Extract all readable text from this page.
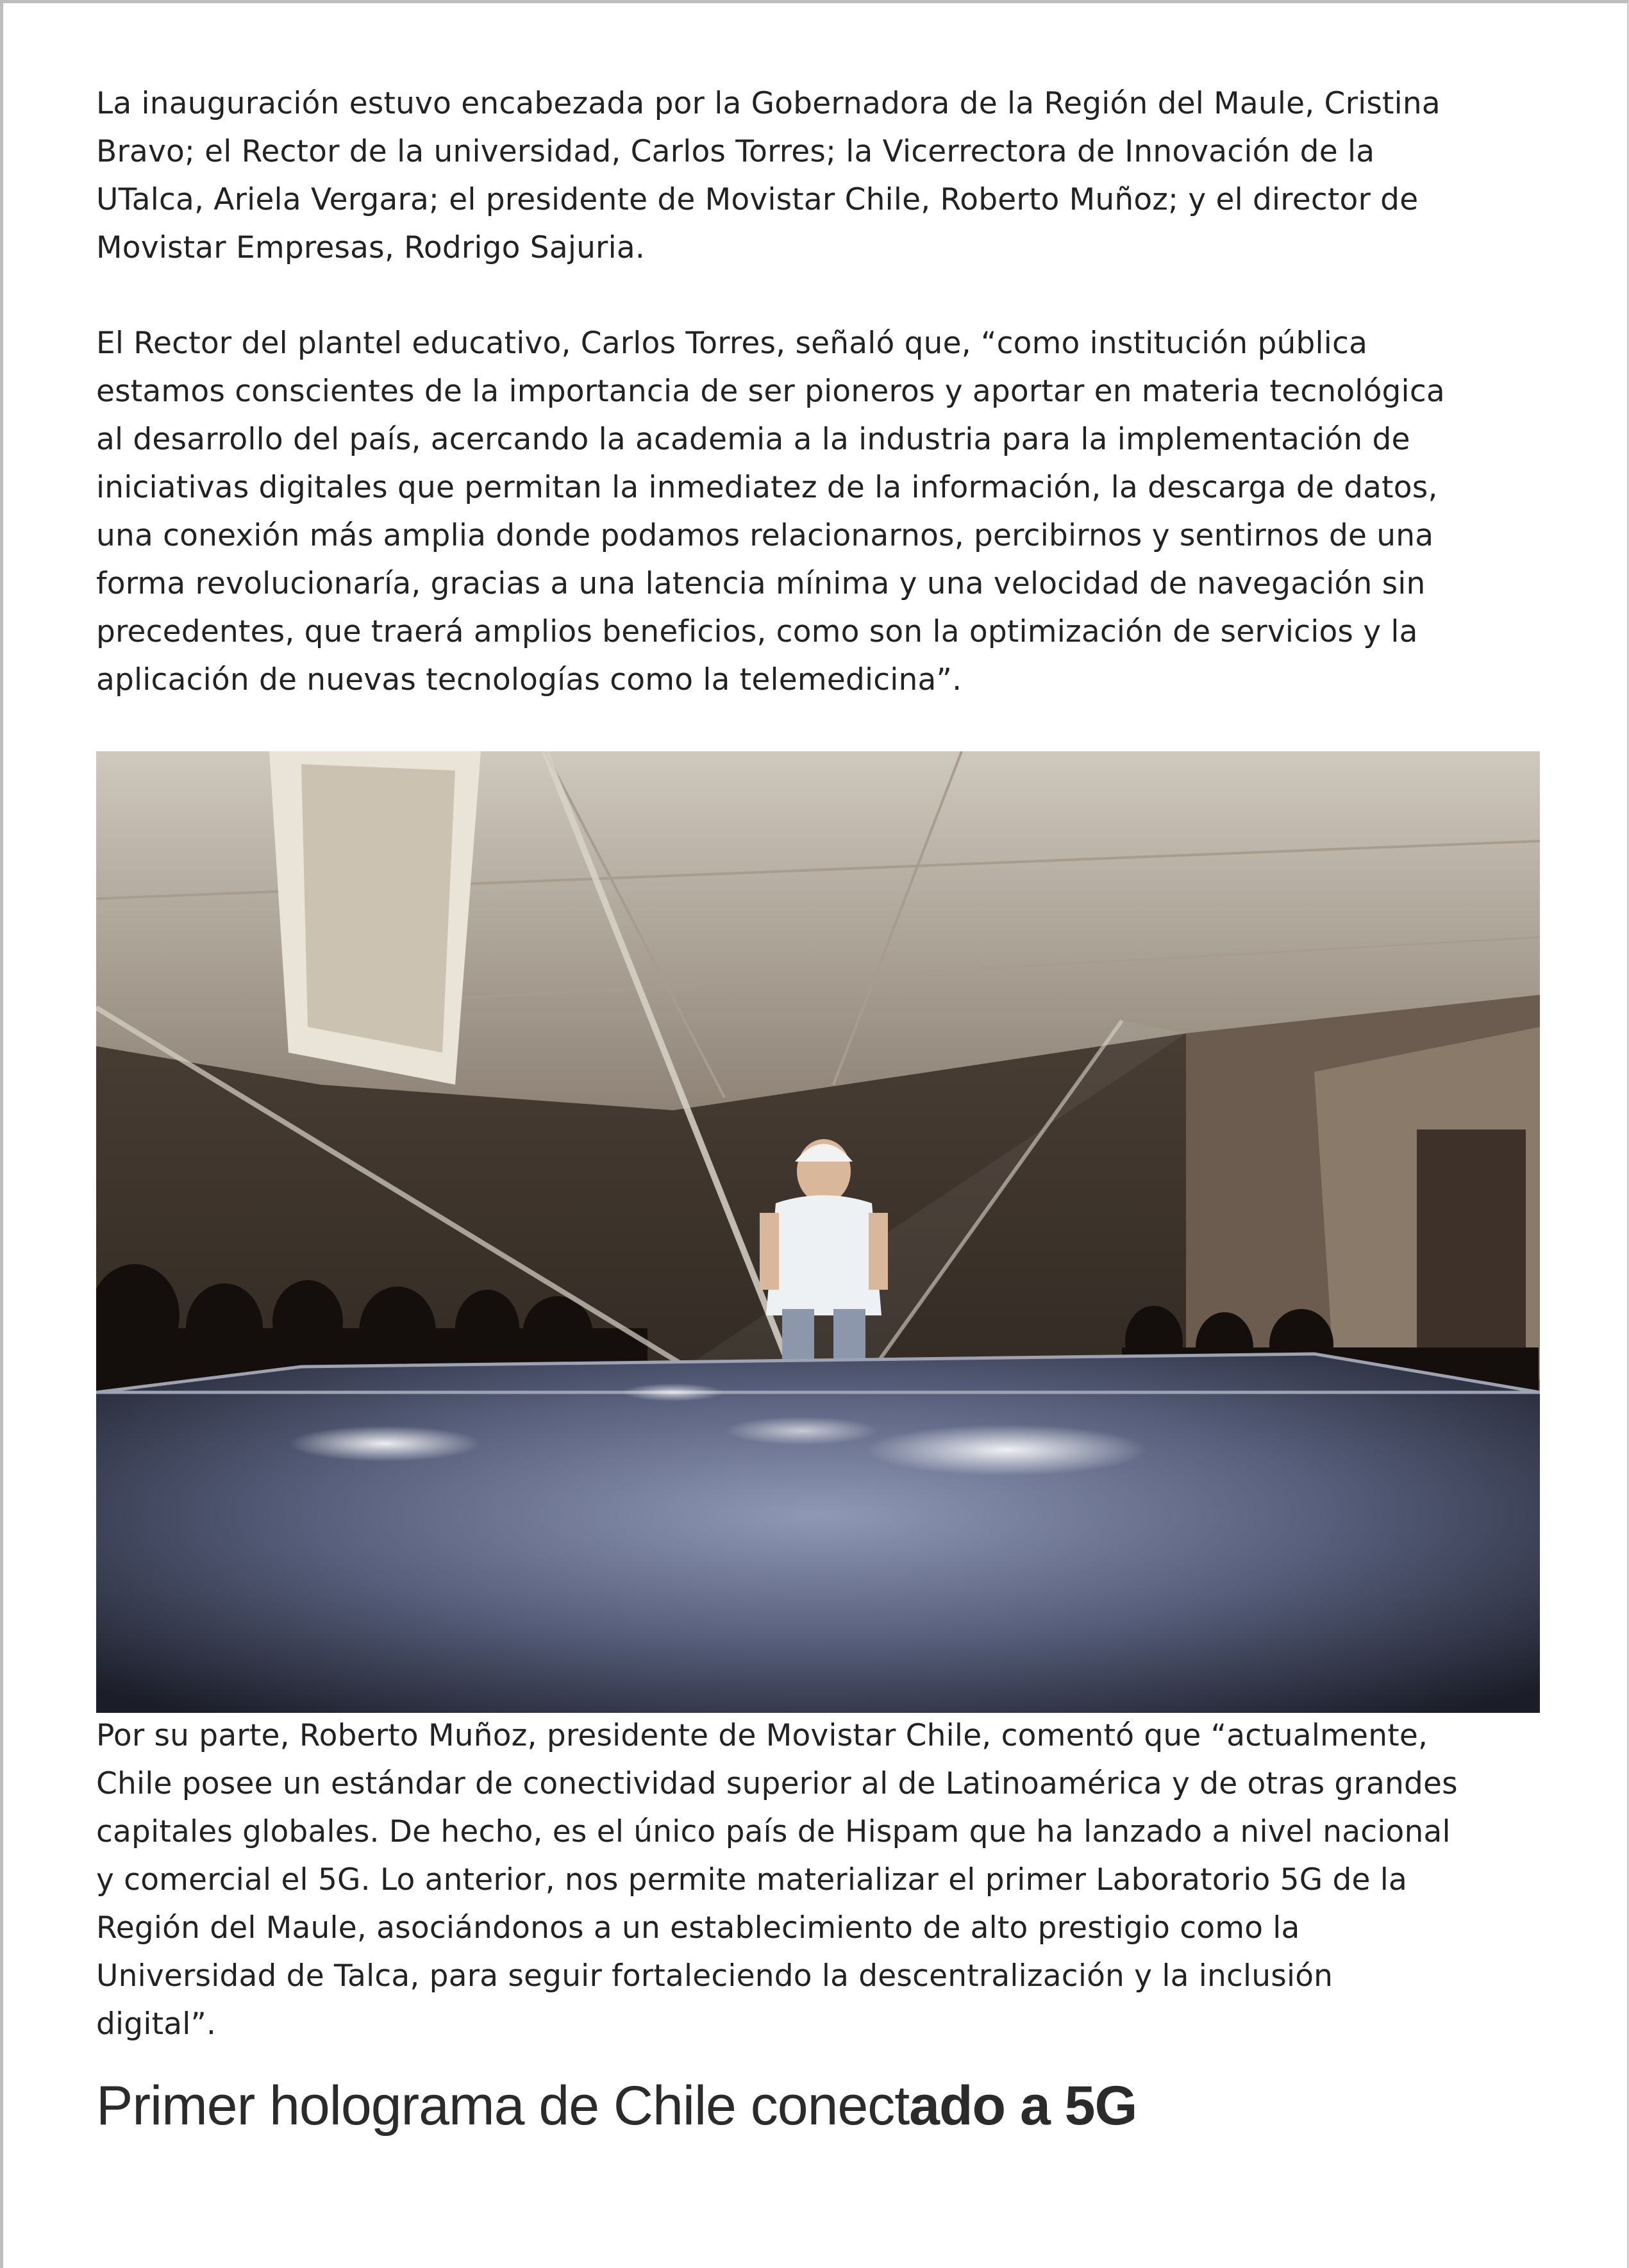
La inauguración estuvo encabezada por la Gobernadora de la Región del Maule, Cristina
Bravo; el Rector de la universidad, Carlos Torres; la Vicerrectora de Innovación de la
UTalca, Ariela Vergara; el presidente de Movistar Chile, Roberto Muñoz; y el director de
Movistar Empresas, Rodrigo Sajuria.
El Rector del plantel educativo, Carlos Torres, señaló que, “como institución pública
estamos conscientes de la importancia de ser pioneros y aportar en materia tecnológica
al desarrollo del país, acercando la academia a la industria para la implementación de
iniciativas digitales que permitan la inmediatez de la información, la descarga de datos,
una conexión más amplia donde podamos relacionarnos, percibirnos y sentirnos de una
forma revolucionaría, gracias a una latencia mínima y una velocidad de navegación sin
precedentes, que traerá amplios beneficios, como son la optimización de servicios y la
aplicación de nuevas tecnologías como la telemedicina”.
Por su parte, Roberto Muñoz, presidente de Movistar Chile, comentó que “actualmente,
Chile posee un estándar de conectividad superior al de Latinoamérica y de otras grandes
capitales globales. De hecho, es el único país de Hispam que ha lanzado a nivel nacional
y comercial el 5G. Lo anterior, nos permite materializar el primer Laboratorio 5G de la
Región del Maule, asociándonos a un establecimiento de alto prestigio como la
Universidad de Talca, para seguir fortaleciendo la descentralización y la inclusión
digital”.
Primer holograma de Chile conectado a 5G
